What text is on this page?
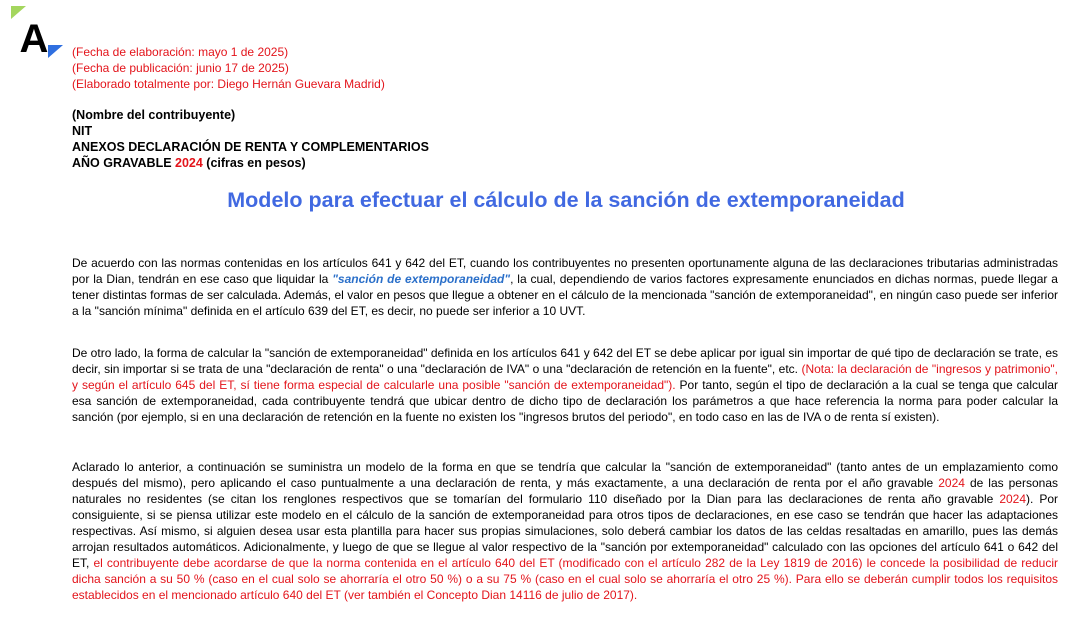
A (Fecha de elaboración: mayo 1 de 2025)
(Fecha de publicación: junio 17 de 2025)
(Elaborado totalmente por: Diego Hernán Guevara Madrid)
(Nombre del contribuyente)
NIT
ANEXOS DECLARACIÓN DE RENTA Y COMPLEMENTARIOS
AÑO GRAVABLE 2024 (cifras en pesos)
Modelo para efectuar el cálculo de la sanción de extemporaneidad
De acuerdo con las normas contenidas en los artículos 641 y 642 del ET, cuando los contribuyentes no presenten oportunamente alguna de las declaraciones tributarias administradas por la Dian, tendrán en ese caso que liquidar la "sanción de extemporaneidad", la cual, dependiendo de varios factores expresamente enunciados en dichas normas, puede llegar a tener distintas formas de ser calculada. Además, el valor en pesos que llegue a obtener en el cálculo de la mencionada "sanción de extemporaneidad", en ningún caso puede ser inferior a la "sanción mínima" definida en el artículo 639 del ET, es decir, no puede ser inferior a 10 UVT.
De otro lado, la forma de calcular la "sanción de extemporaneidad" definida en los artículos 641 y 642 del ET se debe aplicar por igual sin importar de qué tipo de declaración se trate, es decir, sin importar si se trata de una "declaración de renta" o una "declaración de IVA" o una "declaración de retención en la fuente", etc. (Nota: la declaración de "ingresos y patrimonio", y según el artículo 645 del ET, sí tiene forma especial de calcularle una posible "sanción de extemporaneidad"). Por tanto, según el tipo de declaración a la cual se tenga que calcular esa sanción de extemporaneidad, cada contribuyente tendrá que ubicar dentro de dicho tipo de declaración los parámetros a que hace referencia la norma para poder calcular la sanción (por ejemplo, si en una declaración de retención en la fuente no existen los "ingresos brutos del periodo", en todo caso en las de IVA o de renta sí existen).
Aclarado lo anterior, a continuación se suministra un modelo de la forma en que se tendría que calcular la "sanción de extemporaneidad" (tanto antes de un emplazamiento como después del mismo), pero aplicando el caso puntualmente a una declaración de renta, y más exactamente, a una declaración de renta por el año gravable 2024 de las personas naturales no residentes (se citan los renglones respectivos que se tomarían del formulario 110 diseñado por la Dian para las declaraciones de renta año gravable 2024). Por consiguiente, si se piensa utilizar este modelo en el cálculo de la sanción de extemporaneidad para otros tipos de declaraciones, en ese caso se tendrán que hacer las adaptaciones respectivas. Así mismo, si alguien desea usar esta plantilla para hacer sus propias simulaciones, solo deberá cambiar los datos de las celdas resaltadas en amarillo, pues las demás arrojan resultados automáticos. Adicionalmente, y luego de que se llegue al valor respectivo de la "sanción por extemporaneidad" calculado con las opciones del artículo 641 o 642 del ET, el contribuyente debe acordarse de que la norma contenida en el artículo 640 del ET (modificado con el artículo 282 de la Ley 1819 de 2016) le concede la posibilidad de reducir dicha sanción a su 50 % (caso en el cual solo se ahorraría el otro 50 %) o a su 75 % (caso en el cual solo se ahorraría el otro 25 %). Para ello se deberán cumplir todos los requisitos establecidos en el mencionado artículo 640 del ET (ver también el Concepto Dian 14116 de julio de 2017).
